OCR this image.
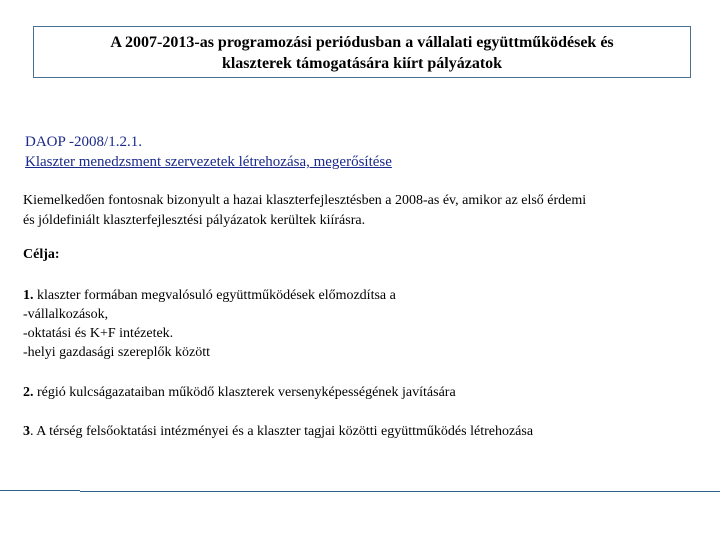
A 2007-2013-as programozási periódusban a vállalati együttműködések és
klaszterek támogatására kiírt pályázatok
DAOP -2008/1.2.1.
Klaszter menedzsment szervezetek létrehozása, megerősítése
Kiemelkedően fontosnak bizonyult a hazai klaszterfejlesztésben a 2008-as év, amikor az első érdemi
és jóldefiniált klaszterfejlesztési pályázatok kerültek kiírásra.
Célja:
1. klaszter formában megvalósuló együttműködések előmozdítsa a
-vállalkozások,
-oktatási és K+F intézetek.
-helyi gazdasági szereplők között
2. régió kulcságazataiban működő klaszterek versenyképességének javítására
3. A térség felsőoktatási intézményei és a klaszter tagjai közötti együttműködés létrehozása
